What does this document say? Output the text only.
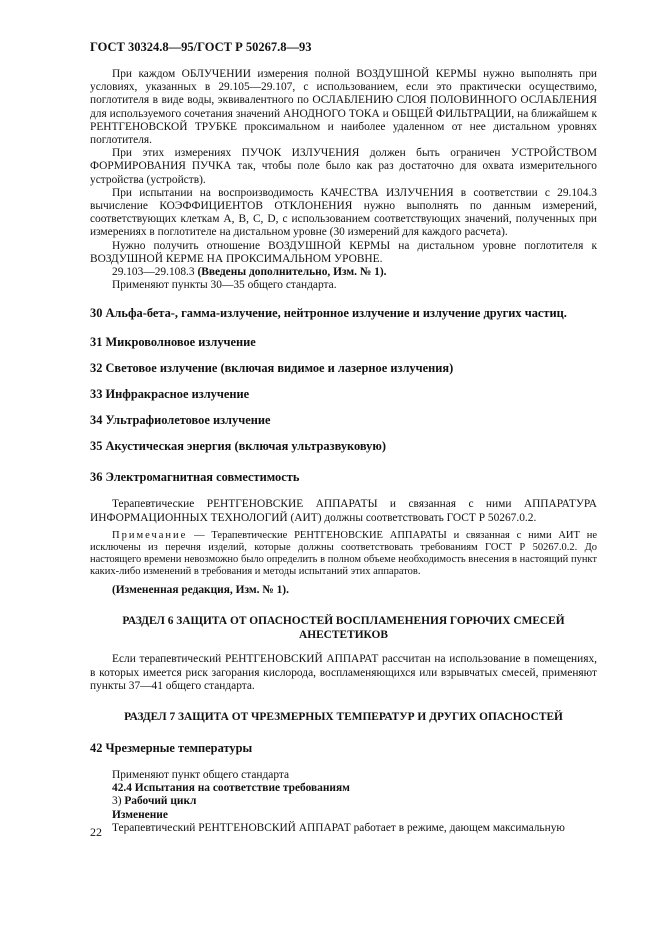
ГОСТ 30324.8—95/ГОСТ Р 50267.8—93

При каждом ОБЛУЧЕНИИ измерения полной ВОЗДУШНОЙ КЕРМЫ нужно выполнять при условиях, указанных в 29.105—29.107, с использованием, если это практически осуществимо, поглотителя в виде воды, эквивалентного по ОСЛАБЛЕНИЮ СЛОЯ ПОЛОВИННОГО ОСЛАБЛЕНИЯ для используемого сочетания значений АНОДНОГО ТОКА и ОБЩЕЙ ФИЛЬТРАЦИИ, на ближайшем к РЕНТГЕНОВСКОЙ ТРУБКЕ проксимальном и наиболее удаленном от нее дистальном уровнях поглотителя.

При этих измерениях ПУЧОК ИЗЛУЧЕНИЯ должен быть ограничен УСТРОЙСТВОМ ФОРМИРОВАНИЯ ПУЧКА так, чтобы поле было как раз достаточно для охвата измерительного устройства (устройств).

При испытании на воспроизводимость КАЧЕСТВА ИЗЛУЧЕНИЯ в соответствии с 29.104.3 вычисление КОЭФФИЦИЕНТОВ ОТКЛОНЕНИЯ нужно выполнять по данным измерений, соответствующих клеткам A, B, C, D, с использованием соответствующих значений, полученных при измерениях в поглотителе на дистальном уровне (30 измерений для каждого расчета).

Нужно получить отношение ВОЗДУШНОЙ КЕРМЫ на дистальном уровне поглотителя к ВОЗДУШНОЙ КЕРМЕ НА ПРОКСИМАЛЬНОМ УРОВНЕ.

29.103—29.108.3 (Введены дополнительно, Изм. № 1).

Применяют пункты 30—35 общего стандарта.

30 Альфа-бета-, гамма-излучение, нейтронное излучение и излучение других частиц.

31 Микроволновое излучение

32 Световое излучение (включая видимое и лазерное излучения)

33 Инфракрасное излучение

34 Ультрафиолетовое излучение

35 Акустическая энергия (включая ультразвуковую)

36 Электромагнитная совместимость

Терапевтические РЕНТГЕНОВСКИЕ АППАРАТЫ и связанная с ними АППАРАТУРА ИНФОРМАЦИОННЫХ ТЕХНОЛОГИЙ (АИТ) должны соответствовать ГОСТ Р 50267.0.2.

Примечание — Терапевтические РЕНТГЕНОВСКИЕ АППАРАТЫ и связанная с ними АИТ не исключены из перечня изделий, которые должны соответствовать требованиям ГОСТ Р 50267.0.2. До настоящего времени невозможно было определить в полном объеме необходимость внесения в настоящий пункт каких-либо изменений в требования и методы испытаний этих аппаратов.

(Измененная редакция, Изм. № 1).

РАЗДЕЛ 6 ЗАЩИТА ОТ ОПАСНОСТЕЙ ВОСПЛАМЕНЕНИЯ ГОРЮЧИХ СМЕСЕЙ

АНЕСТЕТИКОВ

Если терапевтический РЕНТГЕНОВСКИЙ АППАРАТ рассчитан на использование в помещениях, в которых имеется риск загорания кислорода, воспламеняющихся или взрывчатых смесей, применяют пункты 37—41 общего стандарта.

РАЗДЕЛ 7 ЗАЩИТА ОТ ЧРЕЗМЕРНЫХ ТЕМПЕРАТУР И ДРУГИХ ОПАСНОСТЕЙ

42 Чрезмерные температуры

Применяют пункт общего стандарта

42.4 Испытания на соответствие требованиям

3) Рабочий цикл

Изменение

Терапевтический РЕНТГЕНОВСКИЙ АППАРАТ работает в режиме, дающем максимальную

22
